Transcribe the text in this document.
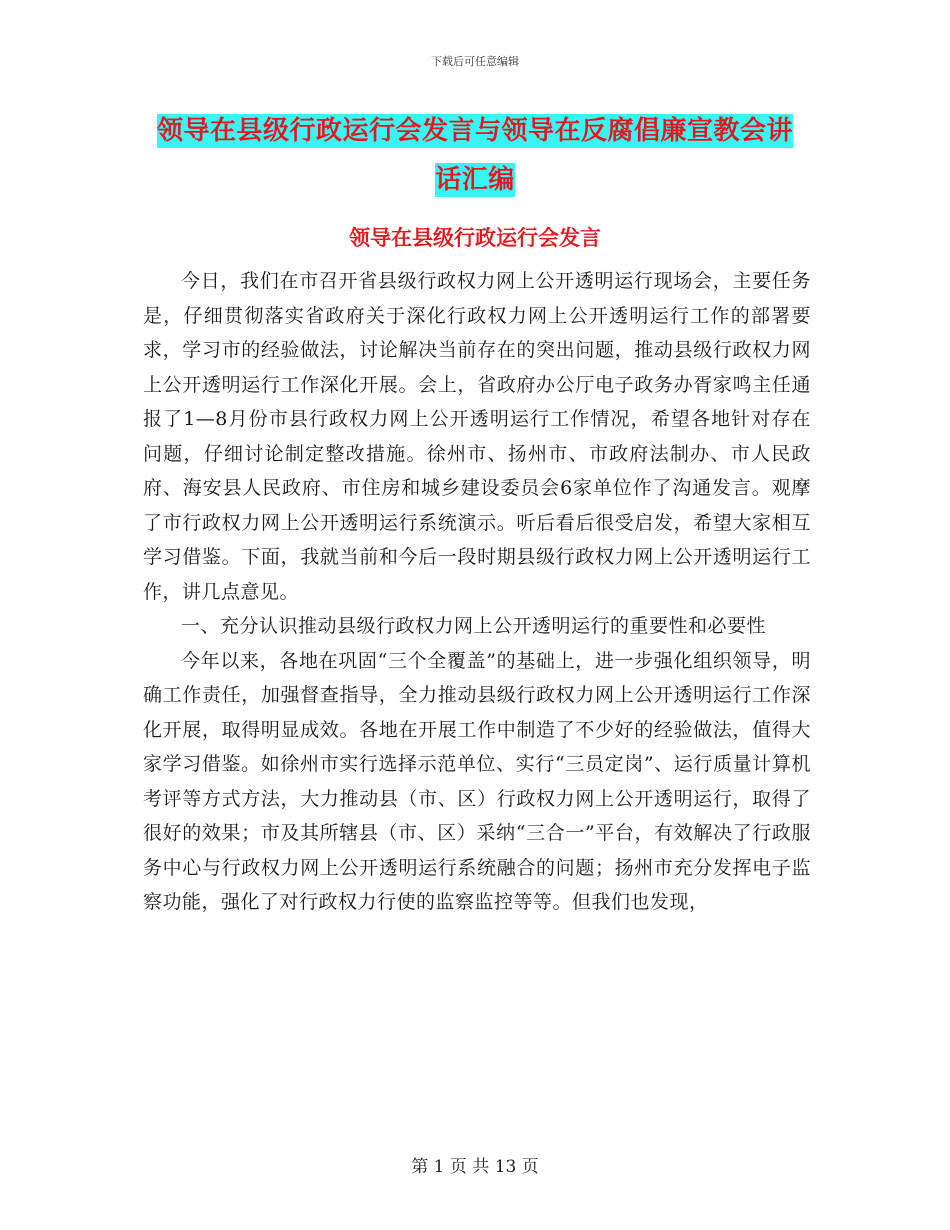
下载后可任意编辑
领导在县级行政运行会发言与领导在反腐倡廉宣教会讲话汇编
领导在县级行政运行会发言

今日，我们在市召开省县级行政权力网上公开透明运行现场会，主要任务是，仔细贯彻落实省政府关于深化行政权力网上公开透明运行工作的部署要求，学习市的经验做法，讨论解决当前存在的突出问题，推动县级行政权力网上公开透明运行工作深化开展。会上，省政府办公厅电子政务办胥家鸣主任通报了1—8月份市县行政权力网上公开透明运行工作情况，希望各地针对存在问题，仔细讨论制定整改措施。徐州市、扬州市、市政府法制办、市人民政府、海安县人民政府、市住房和城乡建设委员会6家单位作了沟通发言。观摩了市行政权力网上公开透明运行系统演示。听后看后很受启发，希望大家相互学习借鉴。下面，我就当前和今后一段时期县级行政权力网上公开透明运行工作，讲几点意见。

一、充分认识推动县级行政权力网上公开透明运行的重要性和必要性

今年以来，各地在巩固“三个全覆盖”的基础上，进一步强化组织领导，明确工作责任，加强督查指导，全力推动县级行政权力网上公开透明运行工作深化开展，取得明显成效。各地在开展工作中制造了不少好的经验做法，值得大家学习借鉴。如徐州市实行选择示范单位、实行“三员定岗”、运行质量计算机考评等方式方法，大力推动县（市、区）行政权力网上公开透明运行，取得了很好的效果；市及其所辖县（市、区）采纳“三合一”平台，有效解决了行政服务中心与行政权力网上公开透明运行系统融合的问题；扬州市充分发挥电子监察功能，强化了对行政权力行使的监察监控等等。但我们也发现，

第 1 页 共 13 页
